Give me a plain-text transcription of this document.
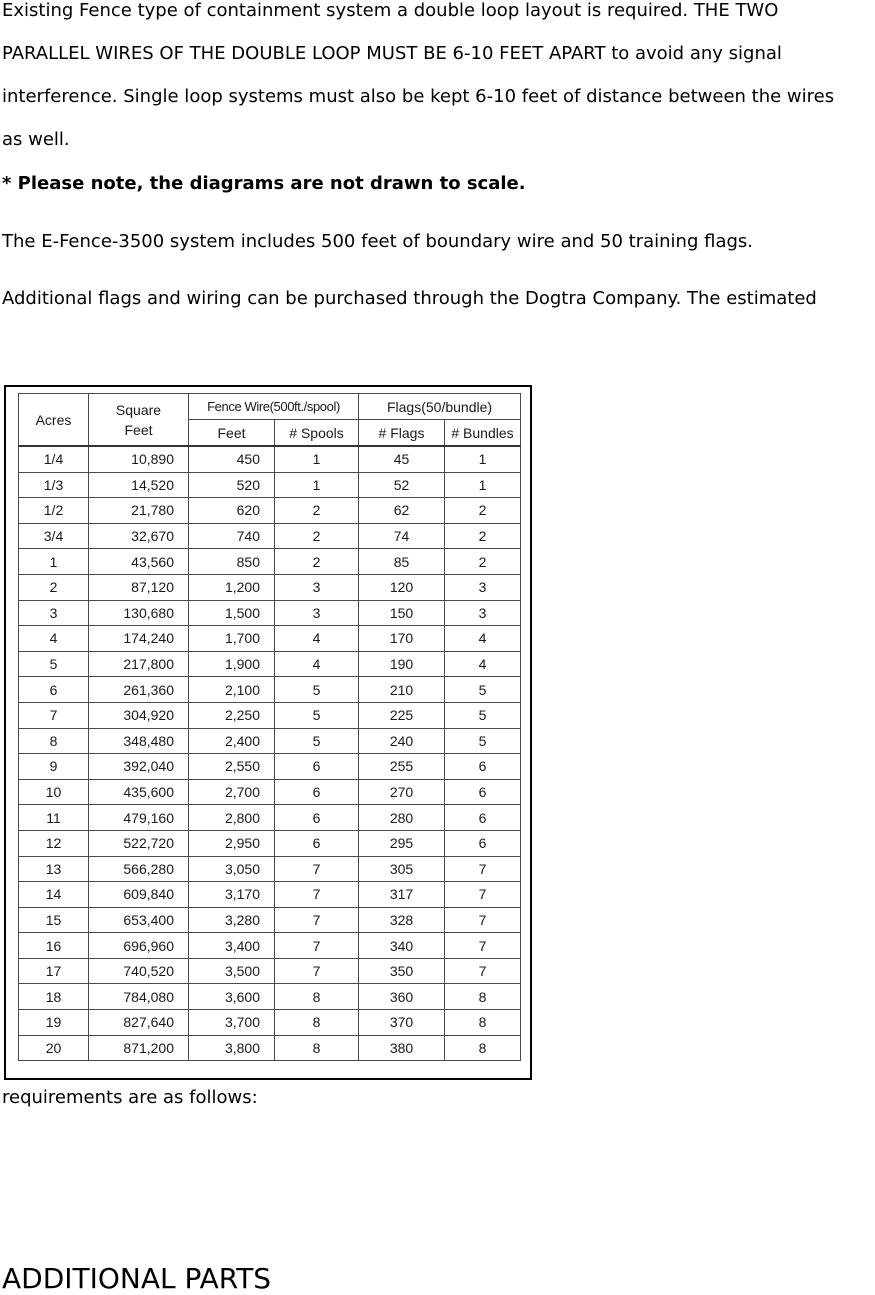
Existing Fence type of containment system a double loop layout is required. THE TWO
PARALLEL WIRES OF THE DOUBLE LOOP MUST BE 6-10 FEET APART to avoid any signal
interference. Single loop systems must also be kept 6-10 feet of distance between the wires
as well.
* Please note, the diagrams are not drawn to scale.
The E-Fence-3500 system includes 500 feet of boundary wire and 50 training flags.
Additional flags and wiring can be purchased through the Dogtra Company. The estimated
Acres	Square Feet	Fence Wire(500ft./spool)		Flags(50/bundle)	
		Feet	# Spools	# Flags	# Bundles
1/4	10,890	450	1	45	1
1/3	14,520	520	1	52	1
1/2	21,780	620	2	62	2
3/4	32,670	740	2	74	2
1	43,560	850	2	85	2
2	87,120	1,200	3	120	3
3	130,680	1,500	3	150	3
4	174,240	1,700	4	170	4
5	217,800	1,900	4	190	4
6	261,360	2,100	5	210	5
7	304,920	2,250	5	225	5
8	348,480	2,400	5	240	5
9	392,040	2,550	6	255	6
10	435,600	2,700	6	270	6
11	479,160	2,800	6	280	6
12	522,720	2,950	6	295	6
13	566,280	3,050	7	305	7
14	609,840	3,170	7	317	7
15	653,400	3,280	7	328	7
16	696,960	3,400	7	340	7
17	740,520	3,500	7	350	7
18	784,080	3,600	8	360	8
19	827,640	3,700	8	370	8
20	871,200	3,800	8	380	8
requirements are as follows:
ADDITIONAL PARTS
